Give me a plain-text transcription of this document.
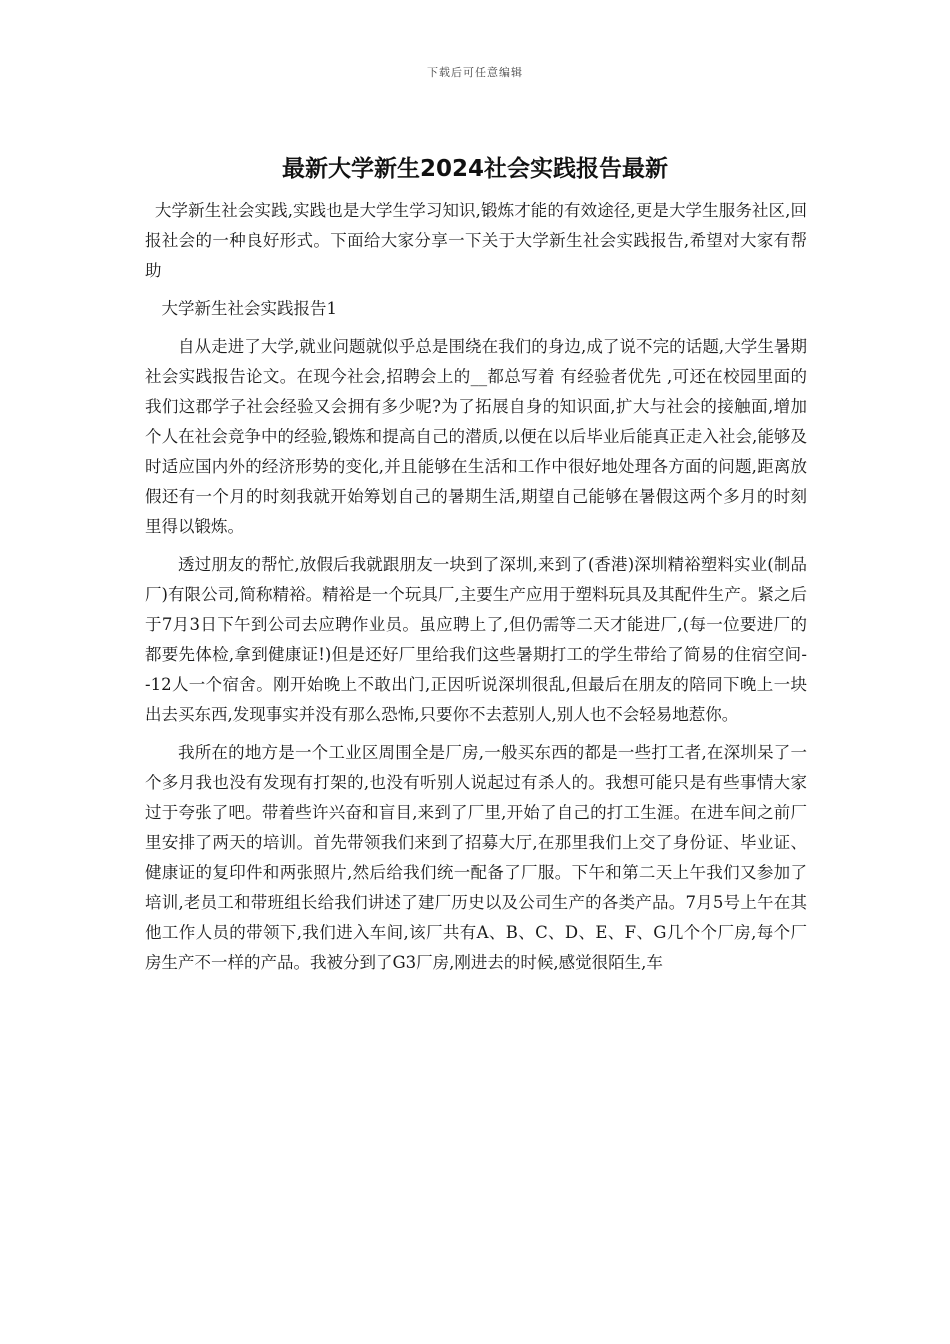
下载后可任意编辑
最新大学新生2024社会实践报告最新

大学新生社会实践,实践也是大学生学习知识,锻炼才能的有效途径,更是大学生服务社区,回报社会的一种良好形式。下面给大家分享一下关于大学新生社会实践报告,希望对大家有帮助

大学新生社会实践报告1

自从走进了大学,就业问题就似乎总是围绕在我们的身边,成了说不完的话题,大学生暑期社会实践报告论文。在现今社会,招聘会上的__都总写着 有经验者优先 ,可还在校园里面的我们这郡学子社会经验又会拥有多少呢?为了拓展自身的知识面,扩大与社会的接触面,增加个人在社会竞争中的经验,锻炼和提高自己的潜质,以便在以后毕业后能真正走入社会,能够及时适应国内外的经济形势的变化,并且能够在生活和工作中很好地处理各方面的问题,距离放假还有一个月的时刻我就开始筹划自己的暑期生活,期望自己能够在暑假这两个多月的时刻里得以锻炼。

透过朋友的帮忙,放假后我就跟朋友一块到了深圳,来到了(香港)深圳精裕塑料实业(制品厂)有限公司,简称精裕。精裕是一个玩具厂,主要生产应用于塑料玩具及其配件生产。紧之后于7月3日下午到公司去应聘作业员。虽应聘上了,但仍需等二天才能进厂,(每一位要进厂的都要先体检,拿到健康证!)但是还好厂里给我们这些暑期打工的学生带给了简易的住宿空间--12人一个宿舍。刚开始晚上不敢出门,正因听说深圳很乱,但最后在朋友的陪同下晚上一块出去买东西,发现事实并没有那么恐怖,只要你不去惹别人,别人也不会轻易地惹你。

我所在的地方是一个工业区周围全是厂房,一般买东西的都是一些打工者,在深圳呆了一个多月我也没有发现有打架的,也没有听别人说起过有杀人的。我想可能只是有些事情大家过于夸张了吧。带着些许兴奋和盲目,来到了厂里,开始了自己的打工生涯。在进车间之前厂里安排了两天的培训。首先带领我们来到了招募大厅,在那里我们上交了身份证、毕业证、健康证的复印件和两张照片,然后给我们统一配备了厂服。下午和第二天上午我们又参加了培训,老员工和带班组长给我们讲述了建厂历史以及公司生产的各类产品。7月5号上午在其他工作人员的带领下,我们进入车间,该厂共有A、B、C、D、E、F、G几个个厂房,每个厂房生产不一样的产品。我被分到了G3厂房,刚进去的时候,感觉很陌生,车
